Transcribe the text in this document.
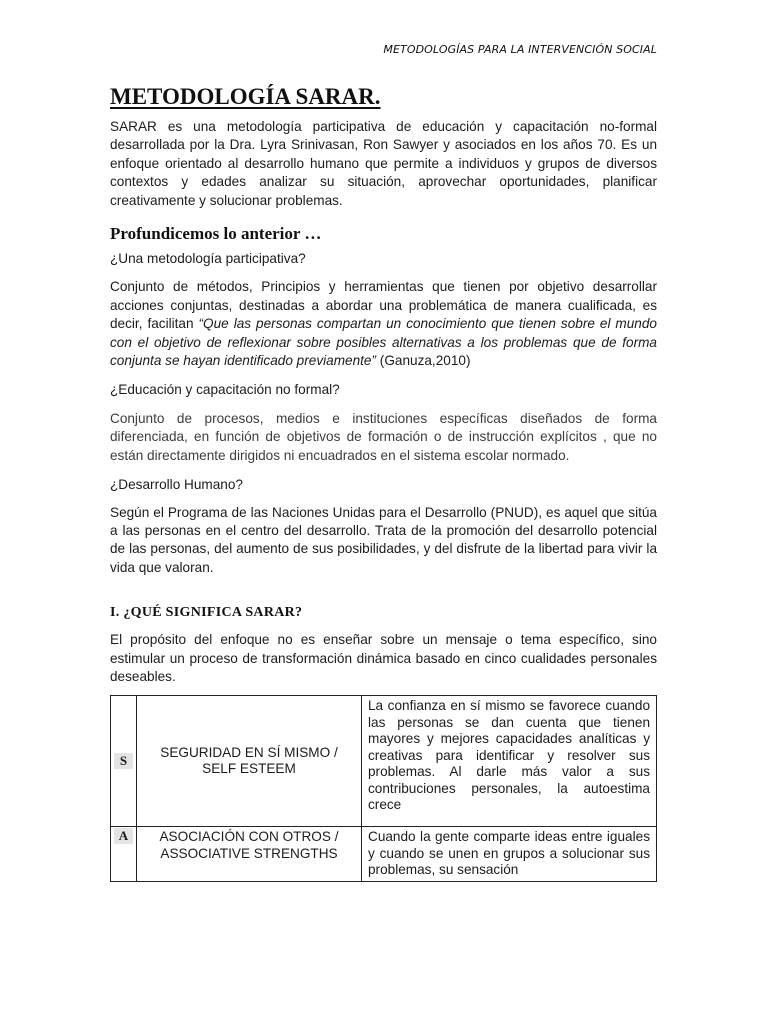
METODOLOGÍAS PARA LA INTERVENCIÓN SOCIAL
METODOLOGÍA SARAR.

SARAR es una metodología participativa de educación y capacitación no-formal desarrollada por la Dra. Lyra Srinivasan, Ron Sawyer y asociados en los años 70. Es un enfoque orientado al desarrollo humano que permite a individuos y grupos de diversos contextos y edades analizar su situación, aprovechar oportunidades, planificar creativamente y solucionar problemas.

Profundicemos lo anterior …
¿Una metodología participativa?

Conjunto de métodos, Principios y herramientas que tienen por objetivo desarrollar acciones conjuntas, destinadas a abordar una problemática de manera cualificada, es decir, facilitan “Que las personas compartan un conocimiento que tienen sobre el mundo con el objetivo de reflexionar sobre posibles alternativas a los problemas que de forma conjunta se hayan identificado previamente” (Ganuza,2010)

¿Educación y capacitación no formal?

Conjunto de procesos, medios e instituciones específicas diseñados de forma diferenciada, en función de objetivos de formación o de instrucción explícitos , que no están directamente dirigidos ni encuadrados en el sistema escolar normado.

¿Desarrollo Humano?

Según el Programa de las Naciones Unidas para el Desarrollo (PNUD), es aquel que sitúa a las personas en el centro del desarrollo. Trata de la promoción del desarrollo potencial de las personas, del aumento de sus posibilidades, y del disfrute de la libertad para vivir la vida que valoran.

I. ¿QUÉ SIGNIFICA SARAR?

El propósito del enfoque no es enseñar sobre un mensaje o tema específico, sino estimular un proceso de transformación dinámica basado en cinco cualidades personales deseables.

S	SEGURIDAD EN SÍ MISMO / SELF ESTEEM	La confianza en sí mismo se favorece cuando las personas se dan cuenta que tienen mayores y mejores capacidades analíticas y creativas para identificar y resolver sus problemas. Al darle más valor a sus contribuciones personales, la autoestima crece

A	ASOCIACIÓN CON OTROS / ASSOCIATIVE STRENGTHS	Cuando la gente comparte ideas entre iguales y cuando se unen en grupos a solucionar sus problemas, su sensación
